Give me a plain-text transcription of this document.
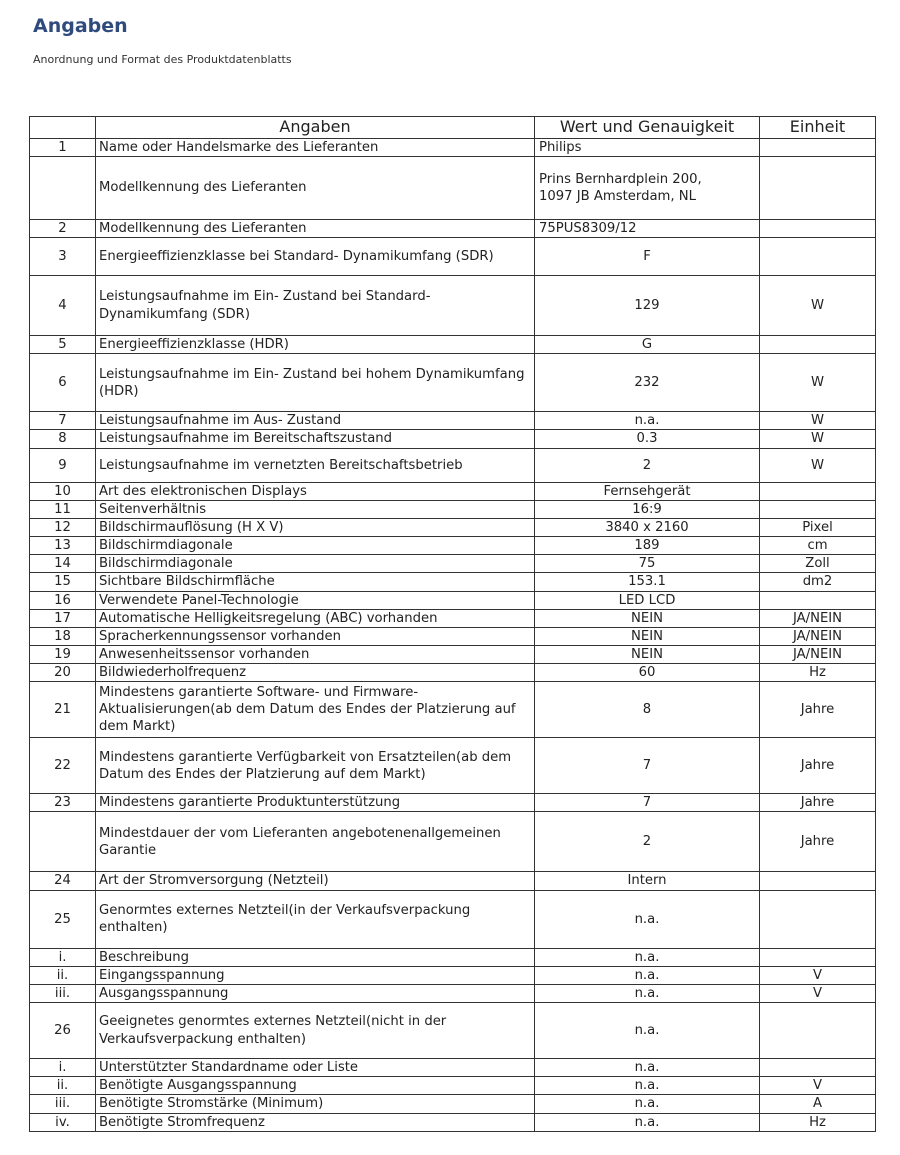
Angaben
Anordnung und Format des Produktdatenblatts
	Angaben	Wert und Genauigkeit	Einheit
1	Name oder Handelsmarke des Lieferanten	Philips	
	Modellkennung des Lieferanten	Prins Bernhardplein 200,
1097 JB Amsterdam, NL	
2	Modellkennung des Lieferanten	75PUS8309/12	
3	Energieeffizienzklasse bei Standard- Dynamikumfang (SDR)	F	
4	Leistungsaufnahme im Ein- Zustand bei Standard-Dynamikumfang (SDR)	129	W
5	Energieeffizienzklasse (HDR)	G	
6	Leistungsaufnahme im Ein- Zustand bei hohem Dynamikumfang (HDR)	232	W
7	Leistungsaufnahme im Aus- Zustand	n.a.	W
8	Leistungsaufnahme im Bereitschaftszustand	0.3	W
9	Leistungsaufnahme im vernetzten Bereitschaftsbetrieb	2	W
10	Art des elektronischen Displays	Fernsehgerät	
11	Seitenverhältnis	16:9	
12	Bildschirmauflösung (H X V)	3840 x 2160	Pixel
13	Bildschirmdiagonale	189	cm
14	Bildschirmdiagonale	75	Zoll
15	Sichtbare Bildschirmfläche	153.1	dm2
16	Verwendete Panel-Technologie	LED LCD	
17	Automatische Helligkeitsregelung (ABC) vorhanden	NEIN	JA/NEIN
18	Spracherkennungssensor vorhanden	NEIN	JA/NEIN
19	Anwesenheitssensor vorhanden	NEIN	JA/NEIN
20	Bildwiederholfrequenz	60	Hz
21	Mindestens garantierte Software- und Firmware-Aktualisierungen(ab dem Datum des Endes der Platzierung auf dem Markt)	8	Jahre
22	Mindestens garantierte Verfügbarkeit von Ersatzteilen(ab dem Datum des Endes der Platzierung auf dem Markt)	7	Jahre
23	Mindestens garantierte Produktunterstützung	7	Jahre
	Mindestdauer der vom Lieferanten angebotenenallgemeinen Garantie	2	Jahre
24	Art der Stromversorgung (Netzteil)	Intern	
25	Genormtes externes Netzteil(in der Verkaufsverpackung enthalten)	n.a.	
i.	Beschreibung	n.a.	
ii.	Eingangsspannung	n.a.	V
iii.	Ausgangsspannung	n.a.	V
26	Geeignetes genormtes externes Netzteil(nicht in der Verkaufsverpackung enthalten)	n.a.	
i.	Unterstützter Standardname oder Liste	n.a.	
ii.	Benötigte Ausgangsspannung	n.a.	V
iii.	Benötigte Stromstärke (Minimum)	n.a.	A
iv.	Benötigte Stromfrequenz	n.a.	Hz
